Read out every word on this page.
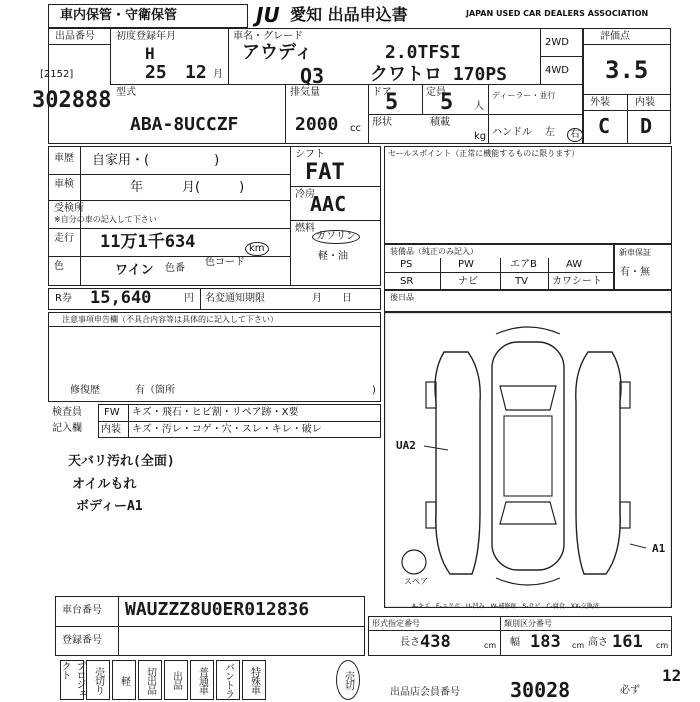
車内保管・守衛保管	JU 愛知 出品申込書	JAPAN USED CAR DEALERS ASSOCIATION
出品番号
[2152]
302888
初度登録年月
H
25 12 月
車名・グレード
アウディ	2.0TFSI
Q3	クワトロ 170PS
2WD
4WD
型式
ABA-8UCCZF
排気量
2000 cc
ドア
5	定員
5 人
形状	積載
kg
ディーラー・並行
ハンドル 左	右
評価点
3.5
外装	内装
C D
車歴 自家用・(　　　　　)
車検	年　　　月(　　　)
受検所
※自分の車の記入して下さい
走行 11万1千634	km
色	ワイン 色番
色コード
シフト
FAT
冷房
AAC
燃料
ガソリン
軽・油
セールスポイント（正常に機能するものに限ります）
装備品（純正のみ記入）
PS	PW	エアB	AW
SR	ナビ	TV カワシート
新車保証
有・無
後日品
R券 15,640	円 名変通知期限	月　　日
注意事項申告欄（不具合内容等は具体的に記入して下さい）
修復歴	有（箇所	)
検査員
記入欄
FW キズ・飛石・ヒビ割・リペア跡・X要
内装 キズ・汚レ・コゲ・穴・スレ・キレ・破レ
天バリ汚れ(全面)
オイルもれ
ボディーA1
UA2
A1
スペア
A-キズ　E-エクボ　U-凹み　W-補修跡　S-サビ　C-腐食　XX-交換済
車台番号 WAUZZZ8U0ER012836
登録番号
形式指定番号	類別区分番号
長さ 438	cm 幅 183 cm 高さ 161 cm
プロジェクト	売切り	軽	切出品	出品	普通車	バントラ	特殊車	売切
出品店会員番号	30028	必ず
12
